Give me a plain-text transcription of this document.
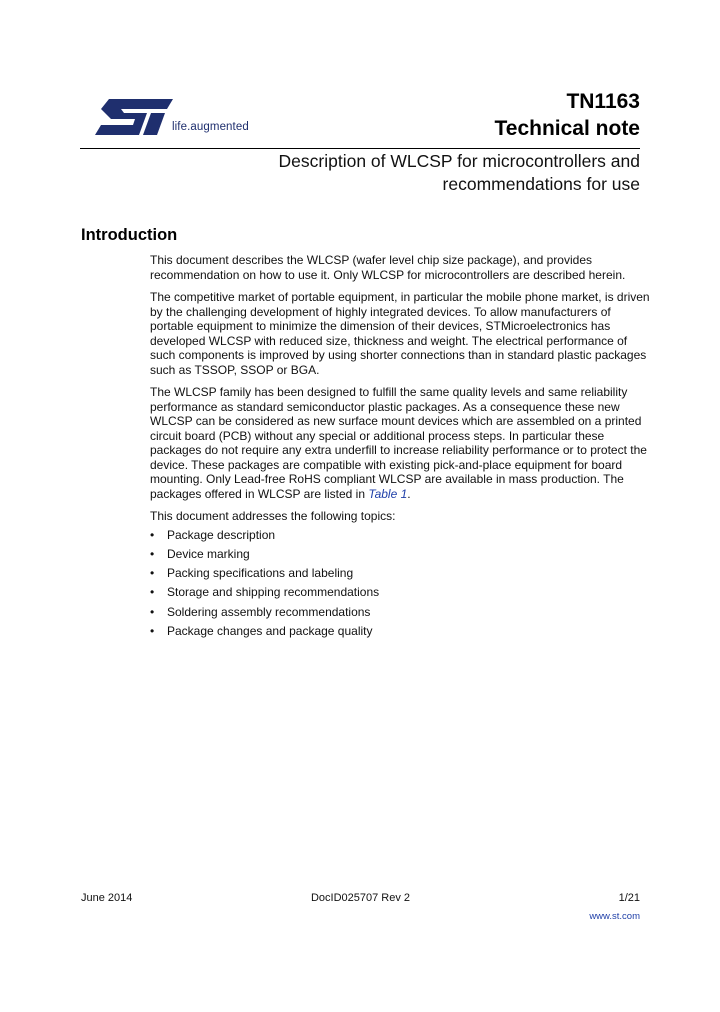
life.augmented
TN1163
Technical note
Description of WLCSP for microcontrollers and
recommendations for use
Introduction

This document describes the WLCSP (wafer level chip size package), and provides recommendation on how to use it. Only WLCSP for microcontrollers are described herein.

The competitive market of portable equipment, in particular the mobile phone market, is driven by the challenging development of highly integrated devices. To allow manufacturers of portable equipment to minimize the dimension of their devices, STMicroelectronics has developed WLCSP with reduced size, thickness and weight. The electrical performance of such components is improved by using shorter connections than in standard plastic packages such as TSSOP, SSOP or BGA.

The WLCSP family has been designed to fulfill the same quality levels and same reliability performance as standard semiconductor plastic packages. As a consequence these new WLCSP can be considered as new surface mount devices which are assembled on a printed circuit board (PCB) without any special or additional process steps. In particular these packages do not require any extra underfill to increase reliability performance or to protect the device. These packages are compatible with existing pick-and-place equipment for board mounting. Only Lead-free RoHS compliant WLCSP are available in mass production. The packages offered in WLCSP are listed in Table 1.

This document addresses the following topics:

• Package description
• Device marking
• Packing specifications and labeling
• Storage and shipping recommendations
• Soldering assembly recommendations
• Package changes and package quality
June 2014	DocID025707 Rev 2	1/21
www.st.com
